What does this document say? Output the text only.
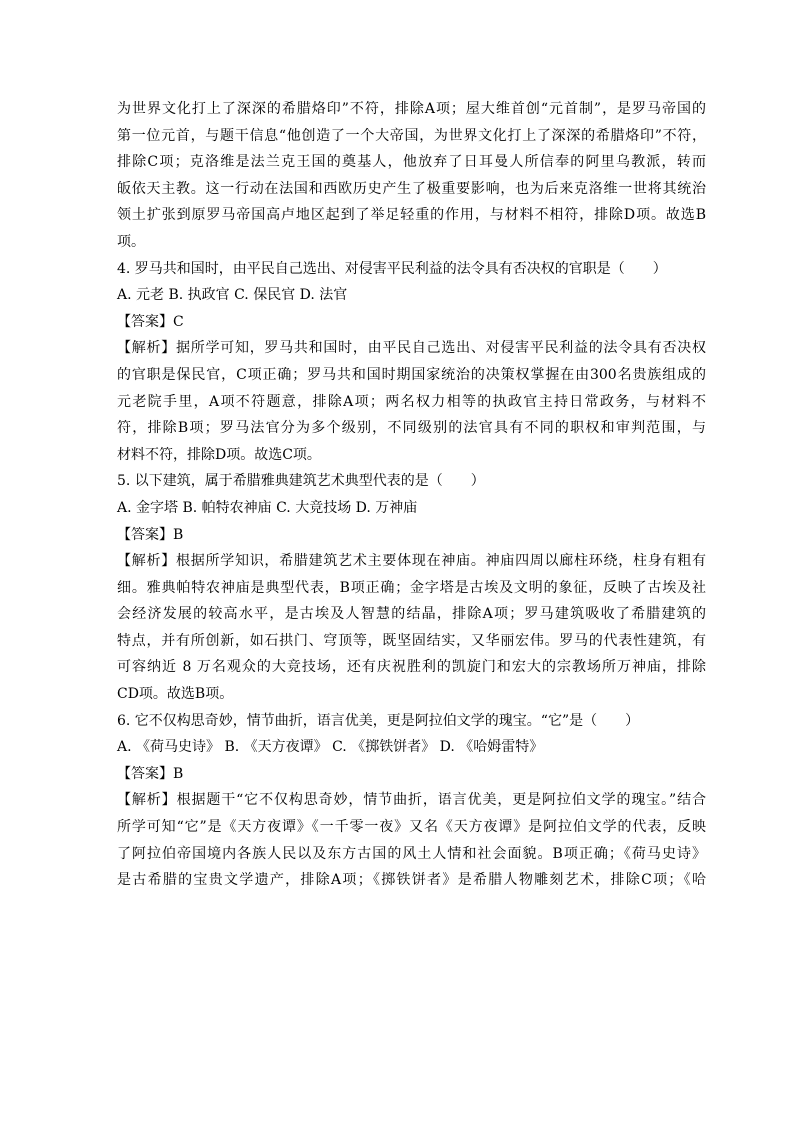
为世界文化打上了深深的希腊烙印”不符，排除A项；屋大维首创“元首制”，是罗马帝国的
第一位元首，与题干信息“他创造了一个大帝国，为世界文化打上了深深的希腊烙印”不符，
排除C项；克洛维是法兰克王国的奠基人，他放弃了日耳曼人所信奉的阿里乌教派，转而
皈依天主教。这一行动在法国和西欧历史产生了极重要影响，也为后来克洛维一世将其统治
领土扩张到原罗马帝国高卢地区起到了举足轻重的作用，与材料不相符，排除D项。故选B
项。
4. 罗马共和国时，由平民自己选出、对侵害平民利益的法令具有否决权的官职是（　　）
A. 元老 B. 执政官 C. 保民官 D. 法官
【答案】C
【解析】据所学可知，罗马共和国时，由平民自己选出、对侵害平民利益的法令具有否决权
的官职是保民官，C项正确；罗马共和国时期国家统治的决策权掌握在由300名贵族组成的
元老院手里，A项不符题意，排除A项；两名权力相等的执政官主持日常政务，与材料不
符，排除B项；罗马法官分为多个级别，不同级别的法官具有不同的职权和审判范围，与
材料不符，排除D项。故选C项。
5. 以下建筑，属于希腊雅典建筑艺术典型代表的是（　　）
A. 金字塔 B. 帕特农神庙 C. 大竞技场 D. 万神庙
【答案】B
【解析】根据所学知识，希腊建筑艺术主要体现在神庙。神庙四周以廊柱环绕，柱身有粗有
细。雅典帕特农神庙是典型代表，B项正确；金字塔是古埃及文明的象征，反映了古埃及社
会经济发展的较高水平，是古埃及人智慧的结晶，排除A项；罗马建筑吸收了希腊建筑的
特点，并有所创新，如石拱门、穹顶等，既坚固结实，又华丽宏伟。罗马的代表性建筑，有
可容纳近 8 万名观众的大竞技场，还有庆祝胜利的凯旋门和宏大的宗教场所万神庙，排除
CD项。故选B项。
6. 它不仅构思奇妙，情节曲折，语言优美，更是阿拉伯文学的瑰宝。“它”是（　　）
A. 《荷马史诗》 B. 《天方夜谭》 C. 《掷铁饼者》 D. 《哈姆雷特》
【答案】B
【解析】根据题干“它不仅构思奇妙，情节曲折，语言优美，更是阿拉伯文学的瑰宝。”结合
所学可知“它”是《天方夜谭》《一千零一夜》又名《天方夜谭》是阿拉伯文学的代表，反映
了阿拉伯帝国境内各族人民以及东方古国的风土人情和社会面貌。B项正确；《荷马史诗》
是古希腊的宝贵文学遗产，排除A项；《掷铁饼者》是希腊人物雕刻艺术，排除C项；《哈
